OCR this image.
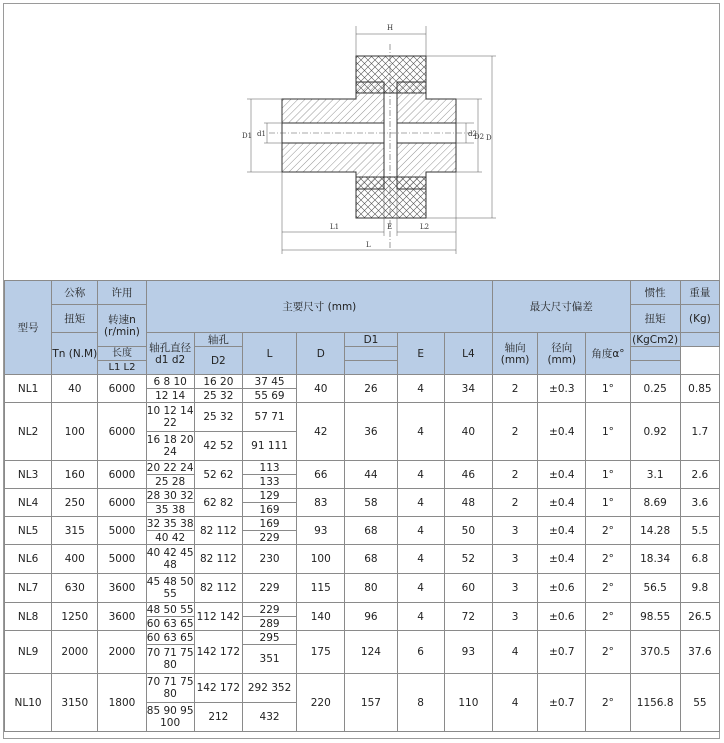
H
D1 d1	d2
D2 D
L1	E	L2
L
型号	公称	许用	主要尺寸 (mm)							最大尺寸偏差			惯性	重量
	扭矩	转速n (r/min)											扭矩	(Kg)
	Tn (N.M)		轴孔直径 d1 d2	轴孔	L	D	D1	E	L4	轴向(mm)	径向 (mm)	角度α°	(KgCm2)	
		长度		D2										
		L1 L2												
NL1	40	6000	6 8 10	16 20	37 45	40	26	4	34	2	±0.3	1°	0.25	0.85
			12 14	25 32	55 69									
NL2	100	6000	10 12 14 22	25 32	57 71	42	36	4	40	2	±0.4	1°	0.92	1.7
			16 18 20 24	42 52	91 111									
NL3	160	6000	20 22 24	52 62	113	66	44	4	46	2	±0.4	1°	3.1	2.6
			25 28		133									
NL4	250	6000	28 30 32	62 82	129	83	58	4	48	2	±0.4	1°	8.69	3.6
			35 38		169									
NL5	315	5000	32 35 38	82 112	169	93	68	4	50	3	±0.4	2°	14.28	5.5
			40 42		229									
NL6	400	5000	40 42 45 48	82 112	230	100	68	4	52	3	±0.4	2°	18.34	6.8
NL7	630	3600	45 48 50 55	82 112	229	115	80	4	60	3	±0.6	2°	56.5	9.8
NL8	1250	3600	48 50 55	112 142	229	140	96	4	72	3	±0.6	2°	98.55	26.5
			60 63 65		289									
NL9	2000	2000	60 63 65	142 172	295	175	124	6	93	4	±0.7	2°	370.5	37.6
			70 71 75 80		351									
NL10	3150	1800	70 71 75 80	142 172	292 352	220	157	8	110	4	±0.7	2°	1156.8	55
			85 90 95 100	212	432									
